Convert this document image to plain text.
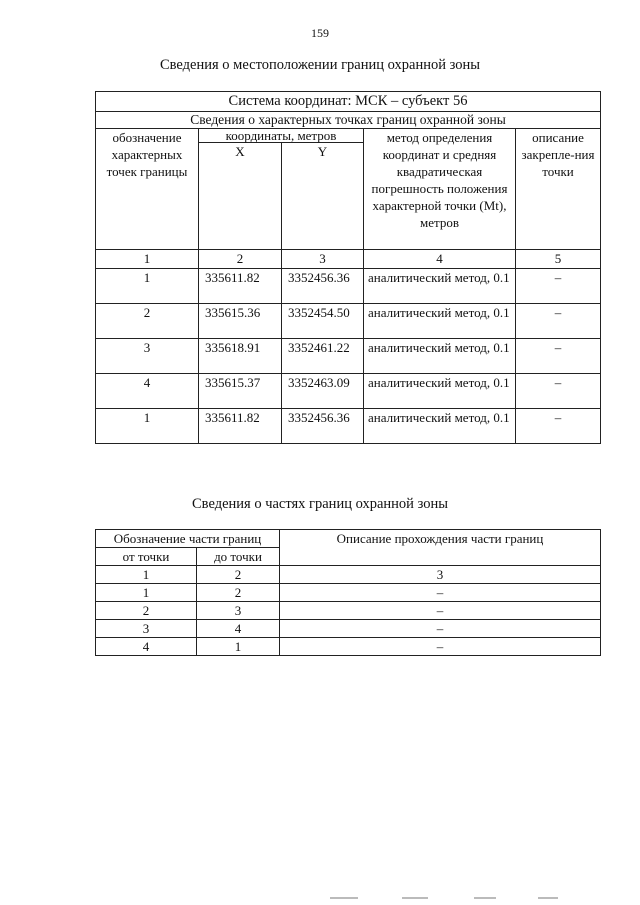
159
Сведения о местоположении границ охранной зоны
Система координат: МСК – субъект 56				
Сведения о характерных точках границ охранной зоны				
обозначение характерных точек границы	координаты, метров		метод определения координат и средняя квадратическая погрешность положения характерной точки (Mt), метров	описание закрепле-ния точки
	X	Y		
1	2	3	4	5
1	335611.82	3352456.36	аналитический метод, 0.1	–
2	335615.36	3352454.50	аналитический метод, 0.1	–
3	335618.91	3352461.22	аналитический метод, 0.1	–
4	335615.37	3352463.09	аналитический метод, 0.1	–
1	335611.82	3352456.36	аналитический метод, 0.1	–
Сведения о частях границ охранной зоны
Обозначение части границ		Описание прохождения части границ
от точки	до точки	
1	2	3
1	2	–
2	3	–
3	4	–
4	1	–
